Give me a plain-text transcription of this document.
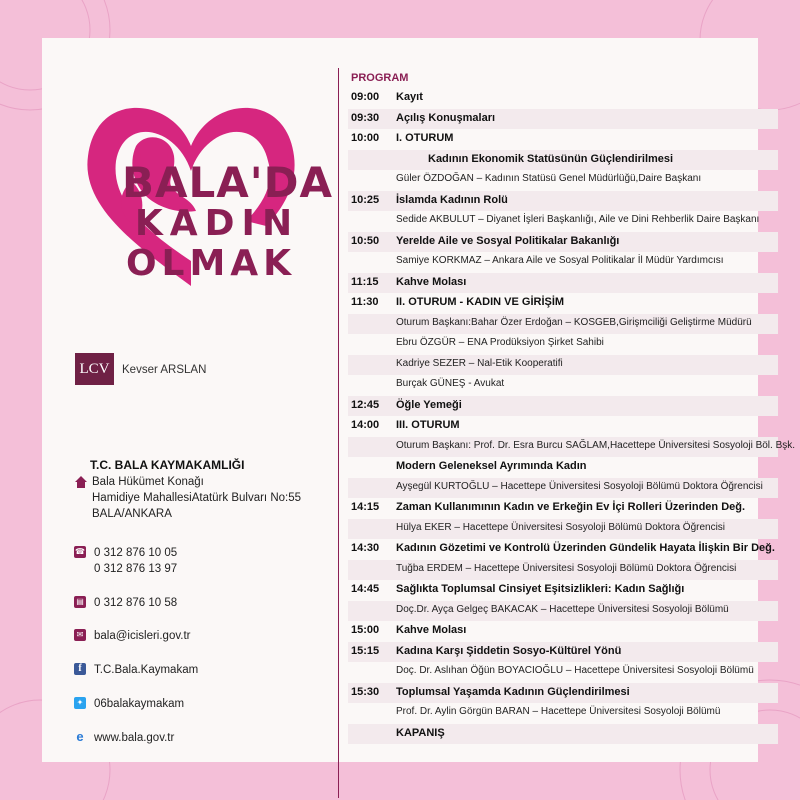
BALA'DA
KADIN
OLMAK
LCV	Kevser ARSLAN
T.C. BALA KAYMAKAMLIĞI
Bala Hükümet Konağı
Hamidiye MahallesiAtatürk Bulvarı No:55
BALA/ANKARA
☎ 0 312 876 10 05
0 312 876 13 97
▤ 0 312 876 10 58
✉ bala@icisleri.gov.tr
f	T.C.Bala.Kaymakam
✦ 06balakaymakam
e www.bala.gov.tr
PROGRAM
09:00 Kayıt
09:30 Açılış Konuşmaları
10:00 I. OTURUM
Kadının Ekonomik Statüsünün Güçlendirilmesi
Güler ÖZDOĞAN – Kadının Statüsü Genel Müdürlüğü,Daire Başkanı
10:25 İslamda Kadının Rolü
Sedide AKBULUT – Diyanet İşleri Başkanlığı, Aile ve Dini Rehberlik Daire Başkanı
10:50 Yerelde Aile ve Sosyal Politikalar Bakanlığı
Samiye KORKMAZ – Ankara Aile ve Sosyal Politikalar İl Müdür Yardımcısı
11:15 Kahve Molası
11:30 II. OTURUM - KADIN VE GİRİŞİM
Oturum Başkanı:Bahar Özer Erdoğan – KOSGEB,Girişmciliği Geliştirme Müdürü
Ebru ÖZGÜR – ENA Prodüksiyon Şirket Sahibi
Kadriye SEZER – Nal-Etik Kooperatifi
Burçak GÜNEŞ - Avukat
12:45 Öğle Yemeği
14:00 III. OTURUM
Oturum Başkanı: Prof. Dr. Esra Burcu SAĞLAM,Hacettepe Üniversitesi Sosyoloji Böl. Bşk.
Modern Geleneksel Ayrımında Kadın
Ayşegül KURTOĞLU – Hacettepe Üniversitesi Sosyoloji Bölümü Doktora Öğrencisi
14:15 Zaman Kullanımının Kadın ve Erkeğin Ev İçi Rolleri Üzerinden Değ.
Hülya EKER – Hacettepe Üniversitesi Sosyoloji Bölümü Doktora Öğrencisi
14:30 Kadının Gözetimi ve Kontrolü Üzerinden Gündelik Hayata İlişkin Bir Değ.
Tuğba ERDEM – Hacettepe Üniversitesi Sosyoloji Bölümü Doktora Öğrencisi
14:45 Sağlıkta Toplumsal Cinsiyet Eşitsizlikleri: Kadın Sağlığı
Doç.Dr. Ayça Gelgeç BAKACAK – Hacettepe Üniversitesi Sosyoloji Bölümü
15:00 Kahve Molası
15:15 Kadına Karşı Şiddetin Sosyo-Kültürel Yönü
Doç. Dr. Aslıhan Öğün BOYACIOĞLU – Hacettepe Üniversitesi Sosyoloji Bölümü
15:30 Toplumsal Yaşamda Kadının Güçlendirilmesi
Prof. Dr. Aylin Görgün BARAN – Hacettepe Üniversitesi Sosyoloji Bölümü
KAPANIŞ
